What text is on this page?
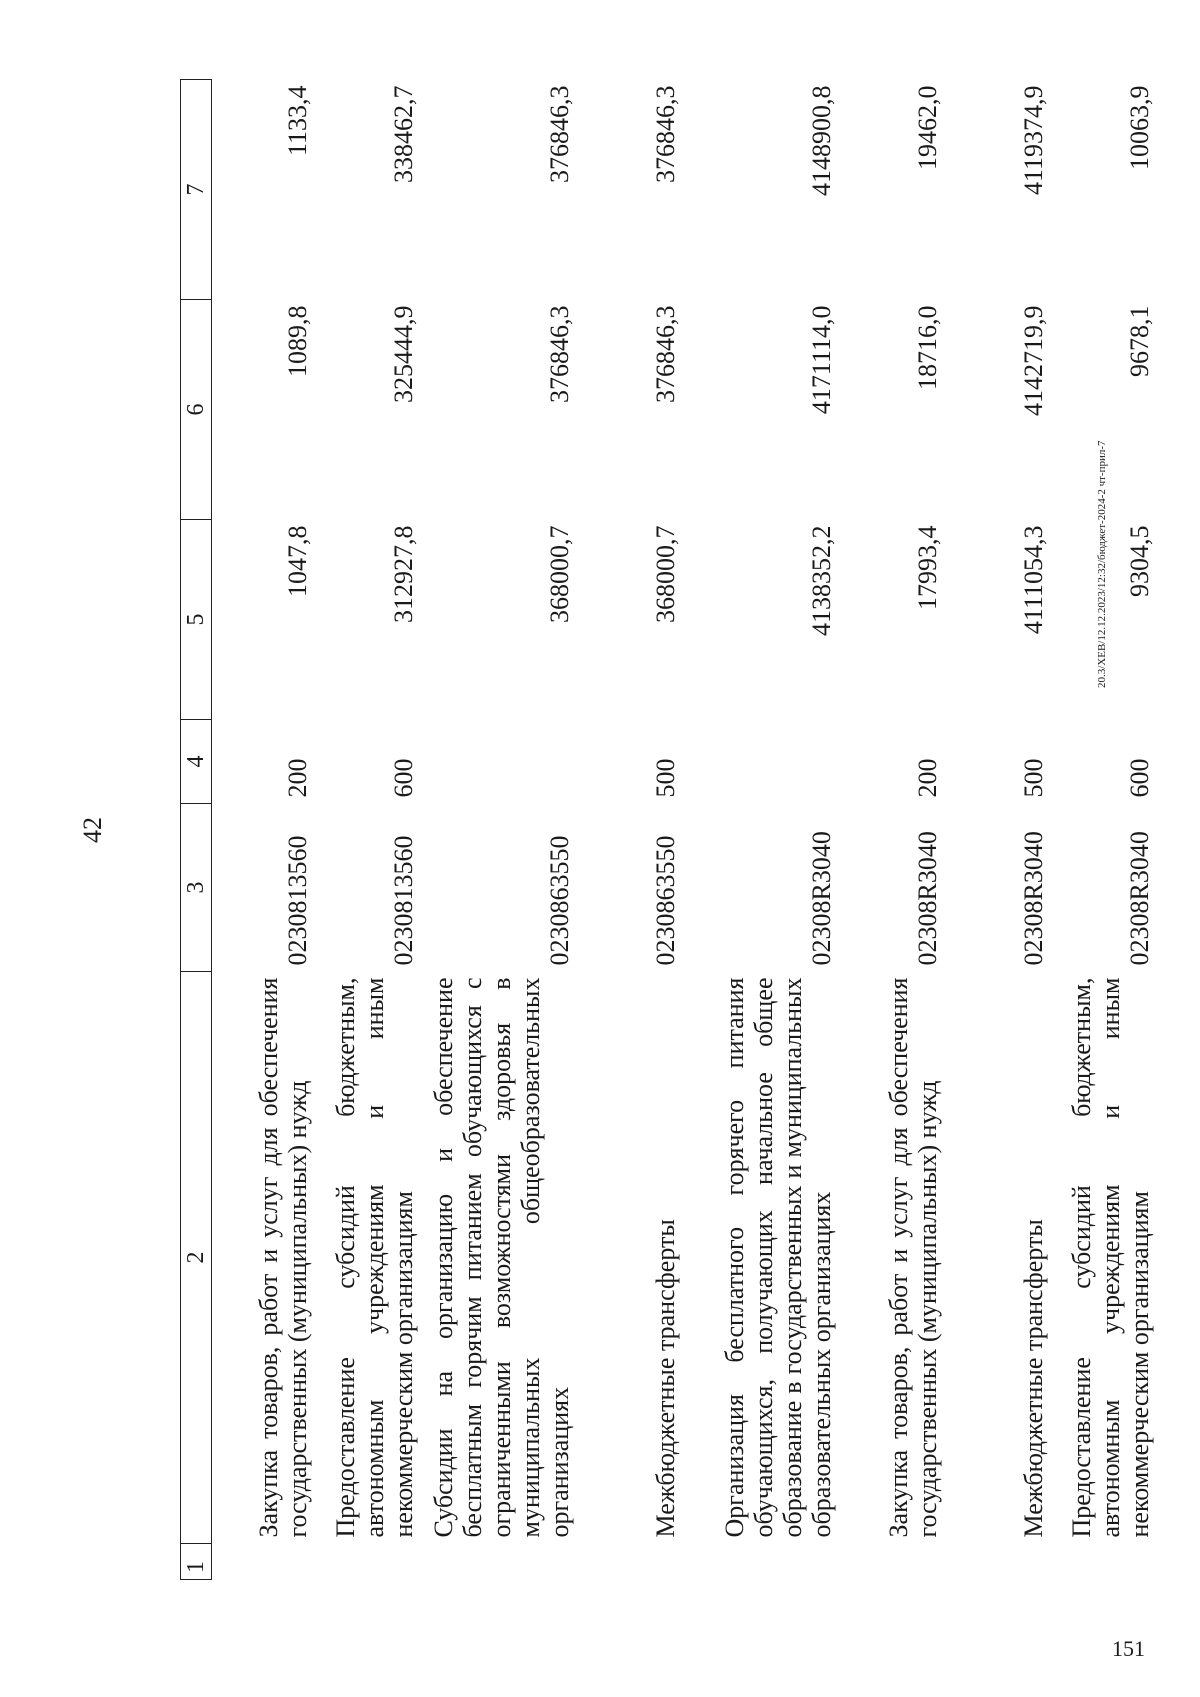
42
1	2	3	4	5	6	7
	Закупка товаров, работ и услуг для обеспечения государственных (муниципальных) нужд	0230813560	200	1047,8	1089,8	1133,4
	Предоставление субсидий бюджетным, автономным учреждениям и иным некоммерческим организациям	0230813560	600	312927,8	325444,9	338462,7
	Субсидии на организацию и обеспечение бесплатным горячим питанием обучающихся с ограниченными возможностями здоровья в муниципальных общеобразовательных организациях	0230863550		368000,7	376846,3	376846,3
	Межбюджетные трансферты	0230863550	500	368000,7	376846,3	376846,3
	Организация бесплатного горячего питания обучающихся, получающих начальное общее образование в государственных и муниципальных образовательных организациях	02308R3040		4138352,2	4171114,0	4148900,8
	Закупка товаров, работ и услуг для обеспечения государственных (муниципальных) нужд	02308R3040	200	17993,4	18716,0	19462,0
	Межбюджетные трансферты	02308R3040	500	4111054,3	4142719,9	4119374,9
	Предоставление субсидий бюджетным, автономным учреждениям и иным некоммерческим организациям	02308R3040	600	9304,5	9678,1	10063,9
20.3/ХЕВ/12.12.2023/12:32/бюджет-2024-2 чт-прил-7
151
